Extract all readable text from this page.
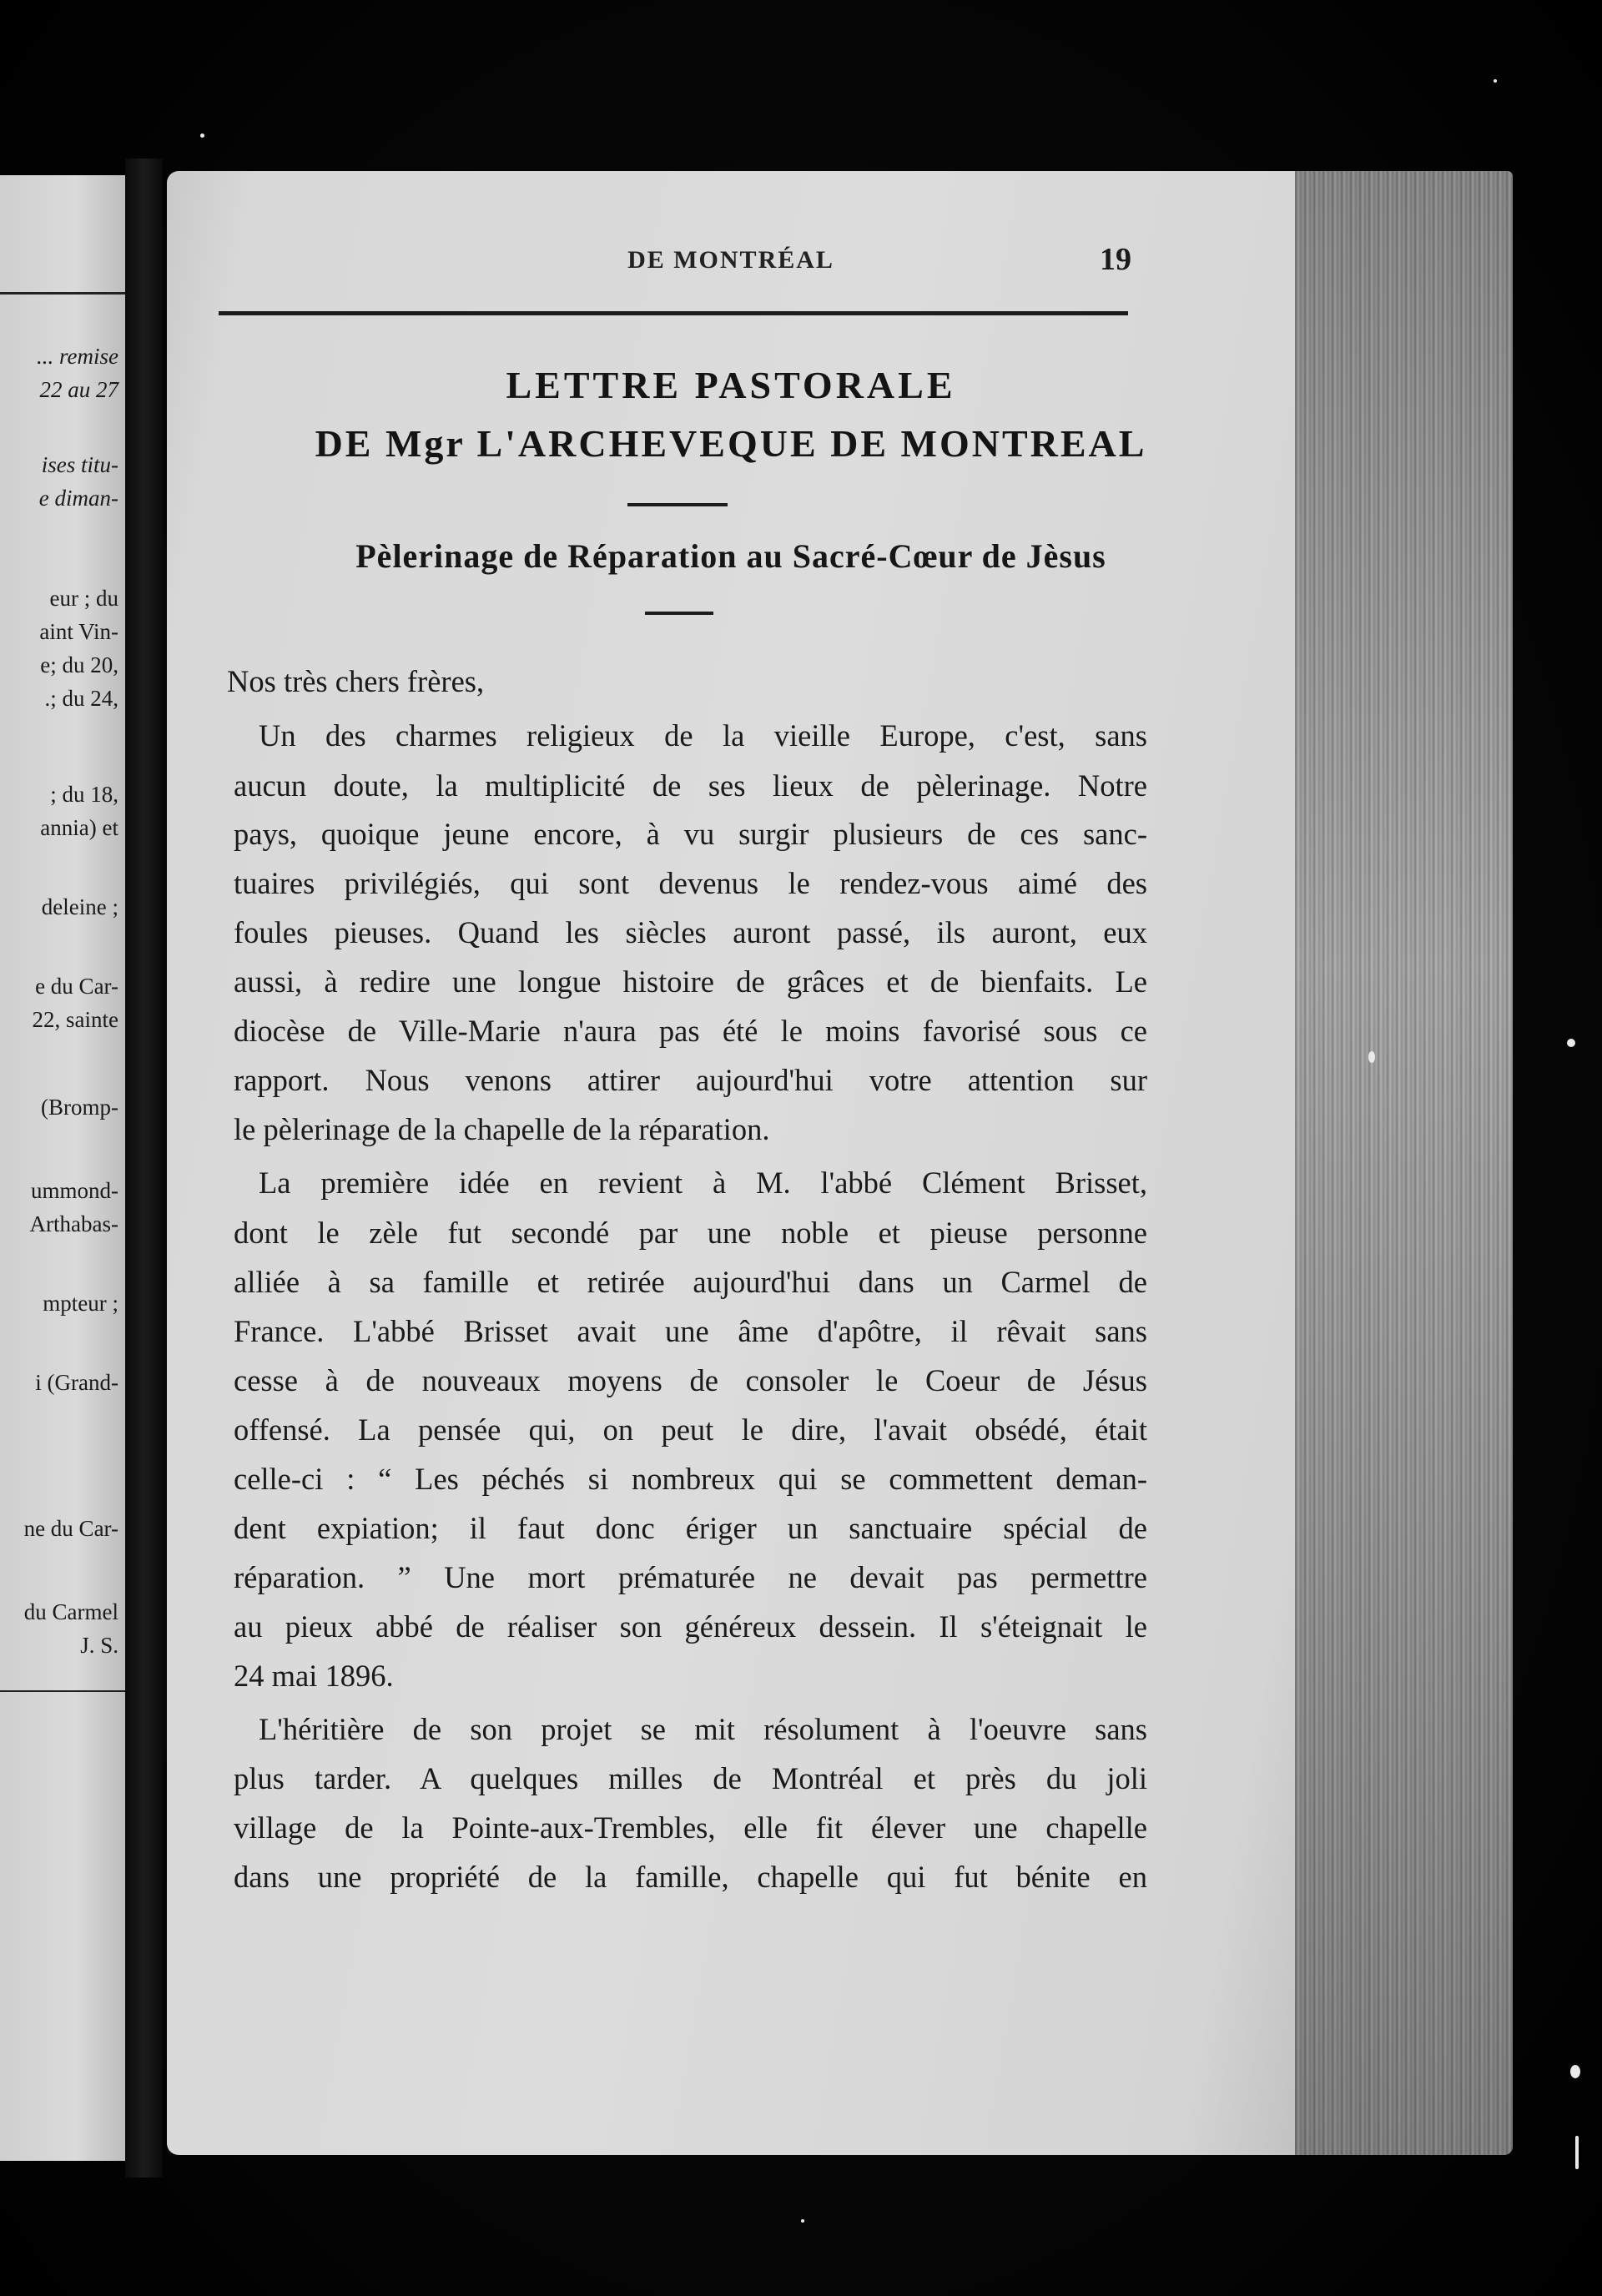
... remise
22 au 27
ises titu-
e diman-
eur ; du
aint Vin-
e; du 20,
.; du 24,
; du 18,
annia) et
deleine ;
e du Car-
22, sainte
(Bromp-
ummond-
Arthabas-
mpteur ;
i (Grand-
ne du Car-
du Carmel
J. S.
DE MONTRÉAL	19
LETTRE PASTORALE
DE Mgr L'ARCHEVEQUE DE MONTREAL
Pèlerinage de Réparation au Sacré-Cœur de Jèsus
Nos très chers frères,
Un des charmes religieux de la vieille Europe, c'est, sans
aucun doute, la multiplicité de ses lieux de pèlerinage. Notre
pays, quoique jeune encore, à vu surgir plusieurs de ces sanc-
tuaires privilégiés, qui sont devenus le rendez-vous aimé des
foules pieuses. Quand les siècles auront passé, ils auront, eux
aussi, à redire une longue histoire de grâces et de bienfaits. Le
diocèse de Ville-Marie n'aura pas été le moins favorisé sous ce
rapport. Nous venons attirer aujourd'hui votre attention sur
le pèlerinage de la chapelle de la réparation.
La première idée en revient à M. l'abbé Clément Brisset,
dont le zèle fut secondé par une noble et pieuse personne
alliée à sa famille et retirée aujourd'hui dans un Carmel de
France. L'abbé Brisset avait une âme d'apôtre, il rêvait sans
cesse à de nouveaux moyens de consoler le Coeur de Jésus
offensé. La pensée qui, on peut le dire, l'avait obsédé, était
celle-ci : “ Les péchés si nombreux qui se commettent deman-
dent expiation; il faut donc ériger un sanctuaire spécial de
réparation. ” Une mort prématurée ne devait pas permettre
au pieux abbé de réaliser son généreux dessein. Il s'éteignait le
24 mai 1896.
L'héritière de son projet se mit résolument à l'oeuvre sans
plus tarder. A quelques milles de Montréal et près du joli
village de la Pointe-aux-Trembles, elle fit élever une chapelle
dans une propriété de la famille, chapelle qui fut bénite en
